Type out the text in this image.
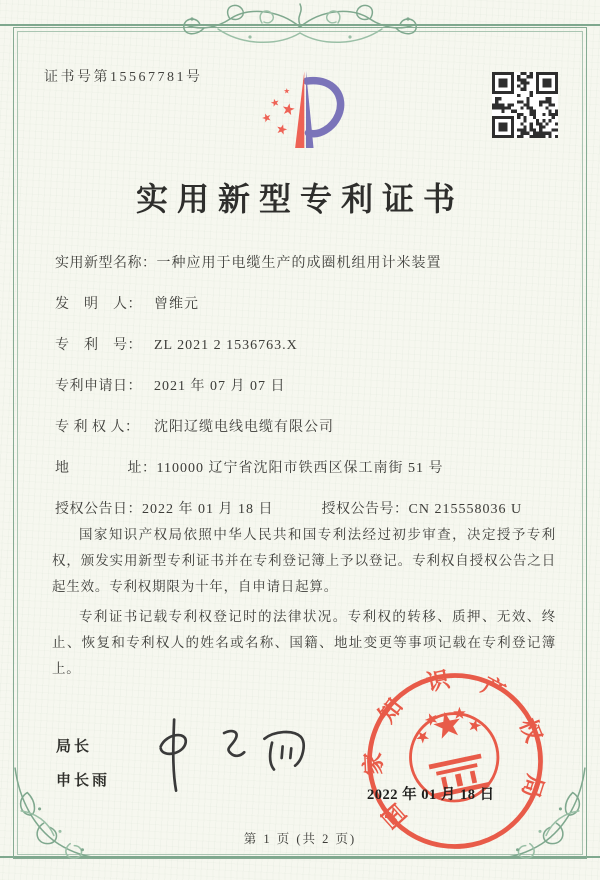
证书号第15567781号
实用新型专利证书
实用新型名称：一种应用于电缆生产的成圈机组用计米装置
发　明　人： 曾维元
专　利　号： ZL 2021 2 1536763.X
专利申请日： 2021 年 07 月 07 日
专 利 权 人： 沈阳辽缆电线电缆有限公司
地　　　　址：110000 辽宁省沈阳市铁西区保工南街 51 号
授权公告日：2022 年 01 月 18 日	授权公告号：CN 215558036 U

国家知识产权局依照中华人民共和国专利法经过初步审查，决定授予专利权，颁发实用新型专利证书并在专利登记簿上予以登记。专利权自授权公告之日起生效。专利权期限为十年，自申请日起算。

专利证书记载专利权登记时的法律状况。专利权的转移、质押、无效、终止、恢复和专利权人的姓名或名称、国籍、地址变更等事项记载在专利登记簿上。

局长
申长雨
国
家
知
识 产
权
局
2022 年 01 月 18 日
第 1 页 (共 2 页)
